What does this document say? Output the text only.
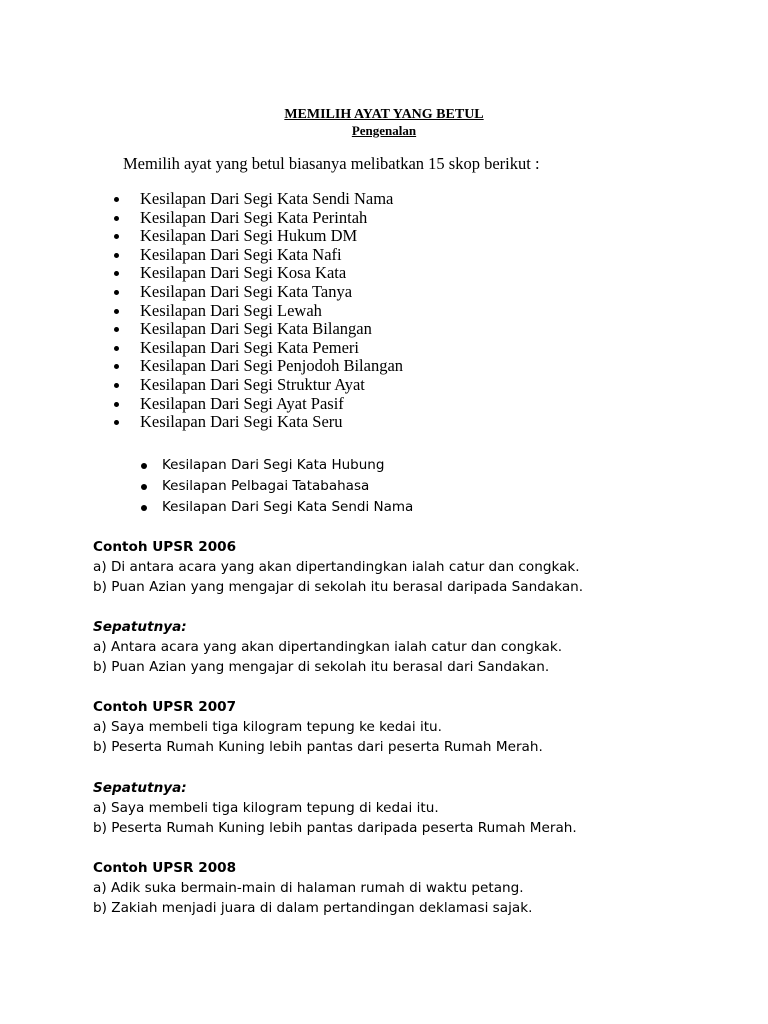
MEMILIH AYAT YANG BETUL
Pengenalan
Memilih ayat yang betul biasanya melibatkan 15 skop berikut :
Kesilapan Dari Segi Kata Sendi Nama
Kesilapan Dari Segi Kata Perintah
Kesilapan Dari Segi Hukum DM
Kesilapan Dari Segi Kata Nafi
Kesilapan Dari Segi Kosa Kata
Kesilapan Dari Segi Kata Tanya
Kesilapan Dari Segi Lewah
Kesilapan Dari Segi Kata Bilangan
Kesilapan Dari Segi Kata Pemeri
Kesilapan Dari Segi Penjodoh Bilangan
Kesilapan Dari Segi Struktur Ayat
Kesilapan Dari Segi Ayat Pasif
Kesilapan Dari Segi Kata Seru
Kesilapan Dari Segi Kata Hubung
Kesilapan Pelbagai Tatabahasa
Kesilapan Dari Segi Kata Sendi Nama
Contoh UPSR 2006
a) Di antara acara yang akan dipertandingkan ialah catur dan congkak.
b) Puan Azian yang mengajar di sekolah itu berasal daripada Sandakan.
Sepatutnya:
a) Antara acara yang akan dipertandingkan ialah catur dan congkak.
b) Puan Azian yang mengajar di sekolah itu berasal dari Sandakan.
Contoh UPSR 2007
a) Saya membeli tiga kilogram tepung ke kedai itu.
b) Peserta Rumah Kuning lebih pantas dari peserta Rumah Merah.
Sepatutnya:
a) Saya membeli tiga kilogram tepung di kedai itu.
b) Peserta Rumah Kuning lebih pantas daripada peserta Rumah Merah.
Contoh UPSR 2008
a) Adik suka bermain-main di halaman rumah di waktu petang.
b) Zakiah menjadi juara di dalam pertandingan deklamasi sajak.
